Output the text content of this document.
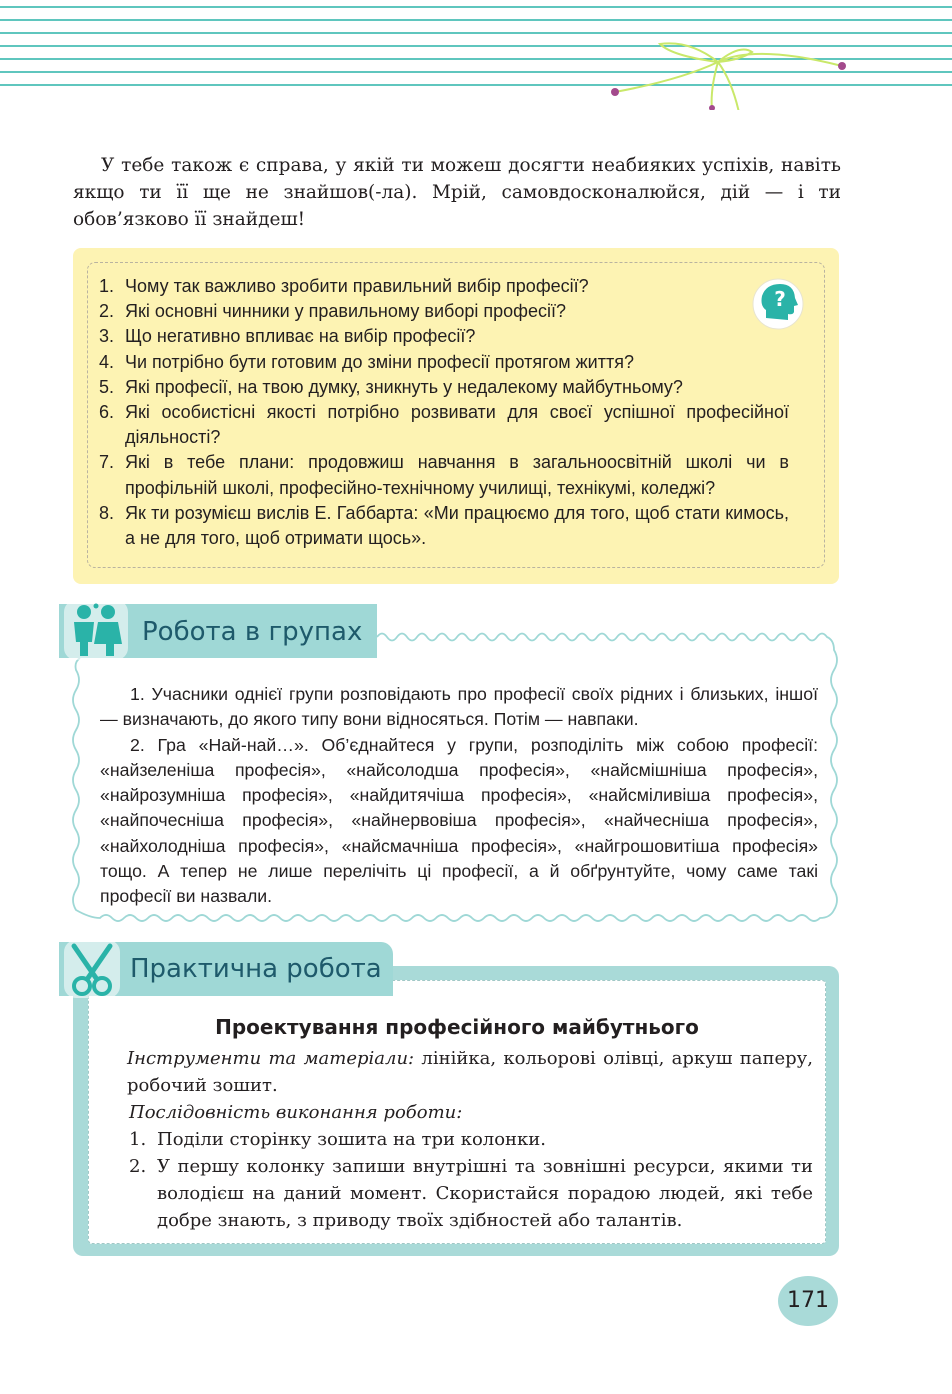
У тебе також є справа, у якій ти можеш досягти неабияких успіхів, навіть якщо ти її ще не знайшов(-ла). Мрій, самовдосконалюйся, дій — і ти обов’язково її знайдеш!

1. Чому так важливо зробити правильний вибір професії?
2. Які основні чинники у правильному виборі професії?
3. Що негативно впливає на вибір професії?
4. Чи потрібно бути готовим до зміни професії протягом життя?
5. Які професії, на твою думку, зникнуть у недалекому майбутньому?
6. Які особистісні якості потрібно розвивати для своєї успішної професійної діяльності?
7. Які в тебе плани: продовжиш навчання в загальноосвітній школі чи в профільній школі, професійно-технічному училищі, технікумі, коледжі?
8. Як ти розумієш вислів Е. Габбарта: «Ми працюємо для того, щоб стати кимось, а не для того, щоб отримати щось».
?
Робота в групах

1. Учасники однієї групи розповідають про професії своїх рідних і близьких, іншої — визначають, до якого типу вони відносяться. Потім — навпаки.

2. Гра «Най-най…». Об’єднайтеся у групи, розподіліть між собою професії: «найзеленіша професія», «найсолодша професія», «найсмішніша професія», «найрозумніша професія», «найдитячіша професія», «найсміливіша професія», «найпочесніша професія», «найнервовіша професія», «найчесніша професія», «найхолодніша професія», «найсмачніша професія», «найгрошовитіша професія» тощо. А тепер не лише перелічіть ці професії, а й обґрунтуйте, чому саме такі професії ви назвали.

Практична робота
Проектування професійного майбутнього

Інструменти та матеріали: лінійка, кольорові олівці, аркуш паперу, робочий зошит.

Послідовність виконання роботи:

1. Поділи сторінку зошита на три колонки.
2. У першу колонку запиши внутрішні та зовнішні ресурси, якими ти володієш на даний момент. Скористайся порадою людей, які тебе добре знають, з приводу твоїх здібностей або талантів.
171
